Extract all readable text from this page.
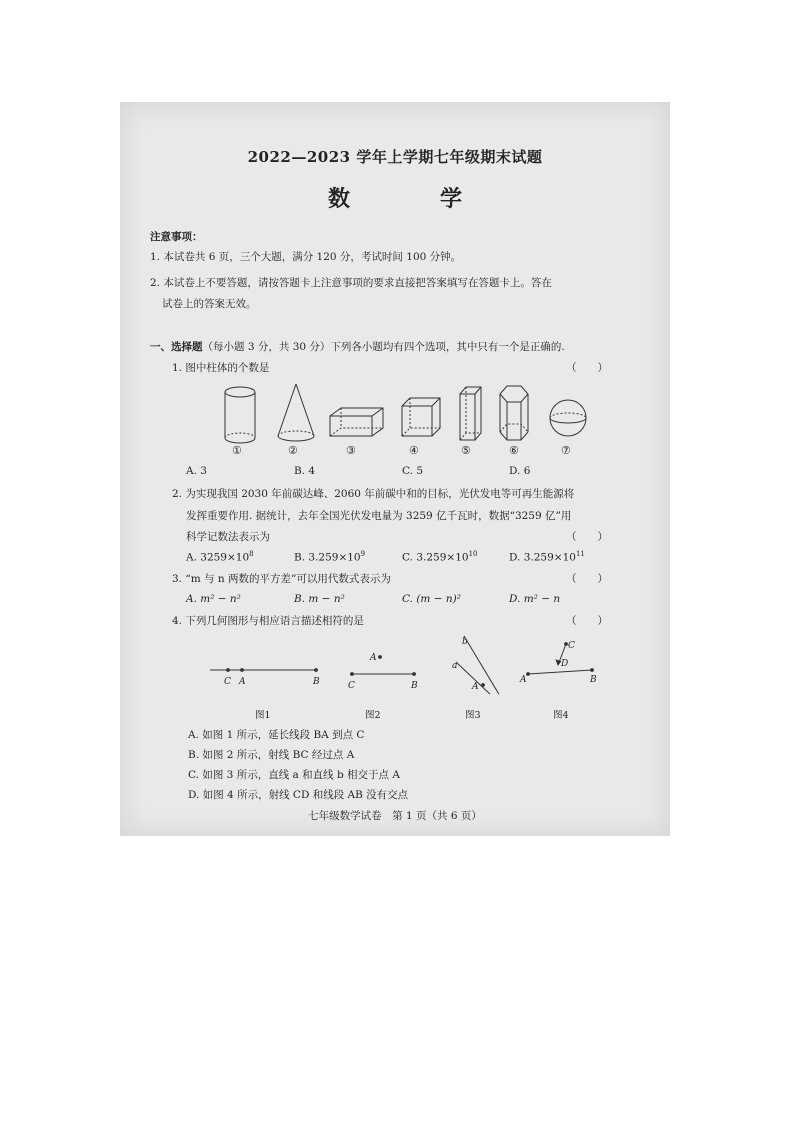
2022—2023 学年上学期七年级期末试题
数　学
注意事项：
1. 本试卷共 6 页，三个大题，满分 120 分，考试时间 100 分钟。
2. 本试卷上不要答题，请按答题卡上注意事项的要求直接把答案填写在答题卡上。答在
试卷上的答案无效。
一、选择题（每小题 3 分，共 30 分）下列各小题均有四个选项，其中只有一个是正确的.
1. 图中柱体的个数是	（　　）
①	②	③	④	⑤	⑥	⑦
A. 3	B. 4	C. 5	D. 6
2. 为实现我国 2030 年前碳达峰、2060 年前碳中和的目标，光伏发电等可再生能源将
发挥重要作用. 据统计，去年全国光伏发电量为 3259 亿千瓦时，数据“3259 亿”用
科学记数法表示为	（　　）
A. $3259\times 10^8$	B. $3.259\times 10^9$	C. $3.259\times 10^{10}$	D. $3.259\times 10^{11}$
3. “m 与 n 两数的平方差”可以用代数式表示为	（　　）
A. m² − n²	B. m − n²	C. (m − n)²	D. m² − n
4. 下列几何图形与相应语言描述相符的是	（　　）
C A	B
A
C	B
b
a
A
C
D
A	B
图1	图2	图3	图4
A. 如图 1 所示，延长线段 BA 到点 C
B. 如图 2 所示，射线 BC 经过点 A
C. 如图 3 所示，直线 a 和直线 b 相交于点 A
D. 如图 4 所示，射线 CD 和线段 AB 没有交点
七年级数学试卷　第 1 页（共 6 页）
